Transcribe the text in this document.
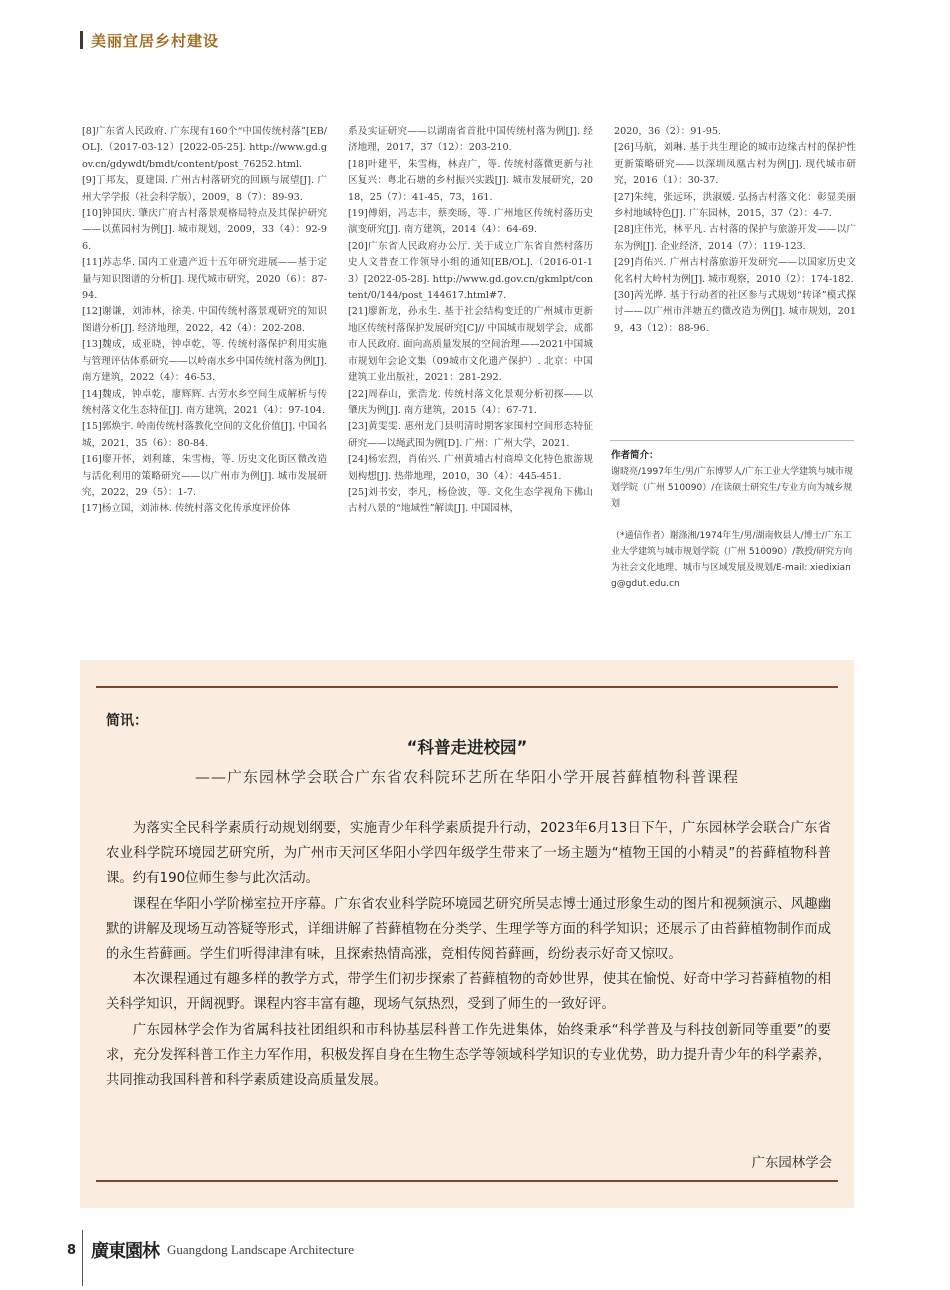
美丽宜居乡村建设

[8]广东省人民政府. 广东现有160个“中国传统村落”[EB/OL].（2017-03-12）[2022-05-25]. http://www.gd.gov.cn/gdywdt/bmdt/content/post_76252.html.

[9]丁邦友，夏建国. 广州古村落研究的回顾与展望[J]. 广州大学学报（社会科学版），2009，8（7）：89-93.

[10]钟国庆. 肇庆广府古村落景观格局特点及其保护研究——以蕉园村为例[J]. 城市规划，2009，33（4）：92-96.

[11]苏志华. 国内工业遗产近十五年研究进展——基于定量与知识图谱的分析[J]. 现代城市研究，2020（6）：87-94.

[12]谢谦，刘沛林，徐美. 中国传统村落景观研究的知识图谱分析[J]. 经济地理，2022，42（4）：202-208.

[13]魏成，成亚晓，钟卓乾，等. 传统村落保护利用实施与管理评估体系研究——以岭南水乡中国传统村落为例[J]. 南方建筑，2022（4）：46-53.

[14]魏成，钟卓乾，廖辉辉. 古劳水乡空间生成解析与传统村落文化生态特征[J]. 南方建筑，2021（4）：97-104.

[15]郭焕宇. 岭南传统村落教化空间的文化价值[J]. 中国名城，2021，35（6）：80-84.

[16]廖开怀，刘利雄，朱雪梅，等. 历史文化街区微改造与活化利用的策略研究——以广州市为例[J]. 城市发展研究，2022，29（5）：1-7.

[17]杨立国，刘沛林. 传统村落文化传承度评价体

系及实证研究——以湖南省首批中国传统村落为例[J]. 经济地理，2017，37（12）：203-210.

[18]叶建平，朱雪梅，林垚广，等. 传统村落微更新与社区复兴：粤北石塘的乡村振兴实践[J]. 城市发展研究，2018，25（7）：41-45，73，161.

[19]傅娟，冯志丰，蔡奕旸，等. 广州地区传统村落历史演变研究[J]. 南方建筑，2014（4）：64-69.

[20]广东省人民政府办公厅. 关于成立广东省自然村落历史人文普查工作领导小组的通知[EB/OL].（2016-01-13）[2022-05-28]. http://www.gd.gov.cn/gkmlpt/content/0/144/post_144617.html#7.

[21]廖新龙，孙永生. 基于社会结构变迁的广州城市更新地区传统村落保护发展研究[C]// 中国城市规划学会，成都市人民政府. 面向高质量发展的空间治理——2021中国城市规划年会论文集（09城市文化遗产保护）. 北京：中国建筑工业出版社，2021：281-292.

[22]周春山，张浩龙. 传统村落文化景观分析初探——以肇庆为例[J]. 南方建筑，2015（4）：67-71.

[23]黄雯雯. 惠州龙门县明清时期客家围村空间形态特征研究——以绳武围为例[D]. 广州：广州大学，2021.

[24]杨宏烈，肖佑兴. 广州黄埔古村商埠文化特色旅游规划构想[J]. 热带地理，2010，30（4）：445-451.

[25]刘书安，李凡，杨俭波，等. 文化生态学视角下佛山古村八景的“地域性”解读[J]. 中国园林，

2020，36（2）：91-95.

[26]马航，刘琳. 基于共生理论的城市边缘古村的保护性更新策略研究——以深圳凤凰古村为例[J]. 现代城市研究，2016（1）：30-37.

[27]朱纯，张远环，洪淑媛. 弘扬古村落文化：彰显美丽乡村地域特色[J]. 广东园林，2015，37（2）：4-7.

[28]庄伟光，林平凡. 古村落的保护与旅游开发——以广东为例[J]. 企业经济，2014（7）：119-123.

[29]肖佑兴. 广州古村落旅游开发研究——以国家历史文化名村大岭村为例[J]. 城市观察，2010（2）：174-182.

[30]芮光晔. 基于行动者的社区参与式规划“转译”模式探讨——以广州市泮塘五约微改造为例[J]. 城市规划，2019，43（12）：88-96.

作者简介：

谢晓亮/1997年生/男/广东博罗人/广东工业大学建筑与城市规划学院（广州 510090）/在读硕士研究生/专业方向为城乡规划

（*通信作者）谢涤湘/1974年生/男/湖南攸县人/博士/广东工业大学建筑与城市规划学院（广州 510090）/教授/研究方向为社会文化地理、城市与区域发展及规划/E-mail: xiedixiang@gdut.edu.cn

简讯：
“科普走进校园”
——广东园林学会联合广东省农科院环艺所在华阳小学开展苔藓植物科普课程

为落实全民科学素质行动规划纲要，实施青少年科学素质提升行动，2023年6月13日下午，广东园林学会联合广东省农业科学院环境园艺研究所，为广州市天河区华阳小学四年级学生带来了一场主题为“植物王国的小精灵”的苔藓植物科普课。约有190位师生参与此次活动。

课程在华阳小学阶梯室拉开序幕。广东省农业科学院环境园艺研究所吴志博士通过形象生动的图片和视频演示、风趣幽默的讲解及现场互动答疑等形式，详细讲解了苔藓植物在分类学、生理学等方面的科学知识；还展示了由苔藓植物制作而成的永生苔藓画。学生们听得津津有味，且探索热情高涨，竞相传阅苔藓画，纷纷表示好奇又惊叹。

本次课程通过有趣多样的教学方式，带学生们初步探索了苔藓植物的奇妙世界，使其在愉悦、好奇中学习苔藓植物的相关科学知识，开阔视野。课程内容丰富有趣，现场气氛热烈，受到了师生的一致好评。

广东园林学会作为省属科技社团组织和市科协基层科普工作先进集体，始终秉承“科学普及与科技创新同等重要”的要求，充分发挥科普工作主力军作用，积极发挥自身在生物生态学等领域科学知识的专业优势，助力提升青少年的科学素养，共同推动我国科普和科学素质建设高质量发展。

广东园林学会
8 廣東園林 Guangdong Landscape Architecture
